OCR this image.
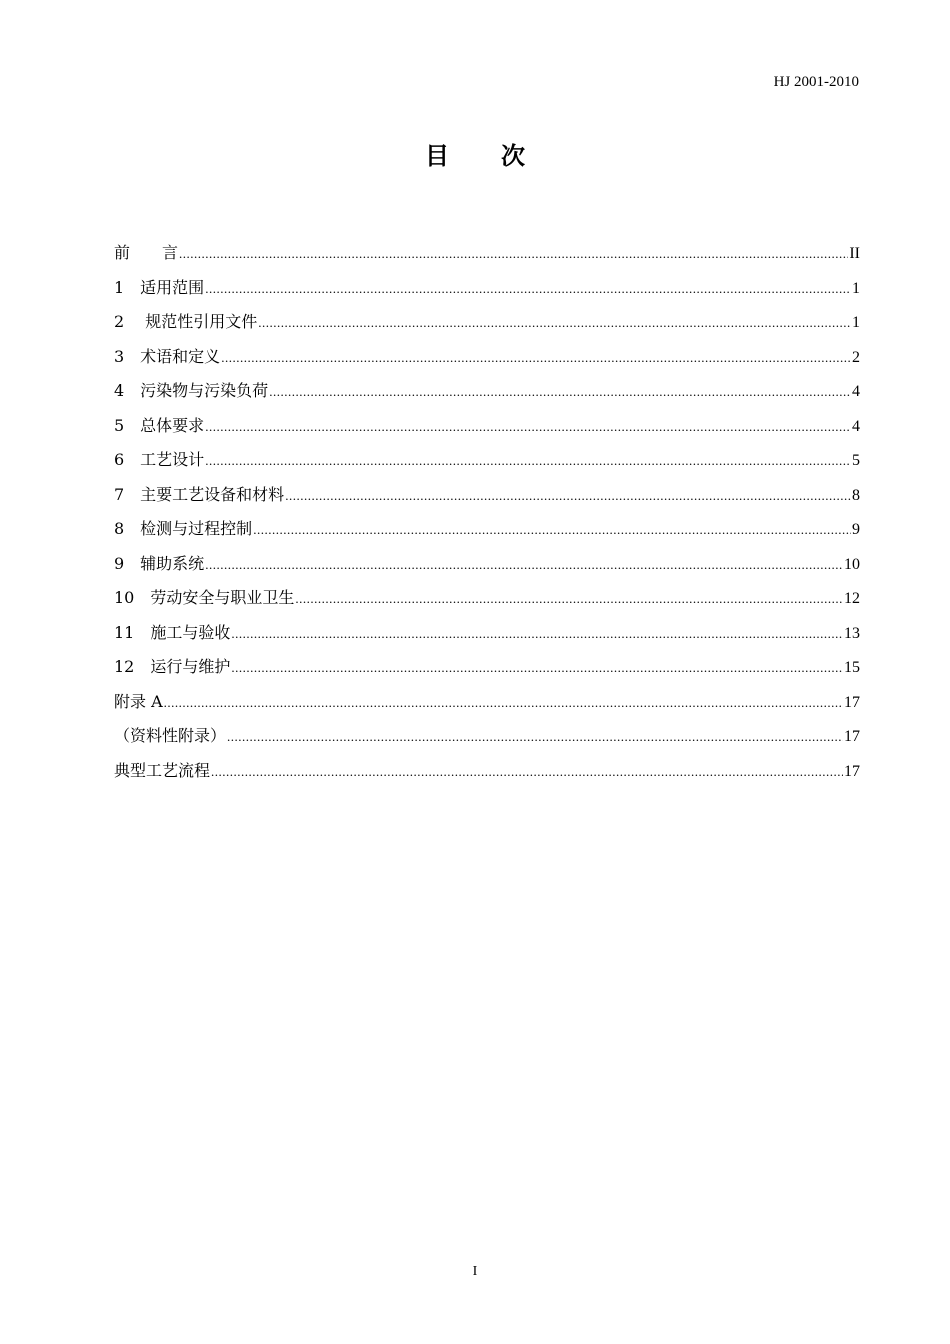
HJ 2001-2010
目 次
前　　言 .....	II
1　适用范围 .....	1
2　 规范性引用文件 .....	1
3　术语和定义 .....	2
4　污染物与污染负荷 .....	4
5　总体要求 .....	4
6　工艺设计 .....	5
7　主要工艺设备和材料 .....	8
8　检测与过程控制 .....	9
9　辅助系统 .....	10
10　劳动安全与职业卫生 .....	12
11　施工与验收 .....	13
12　运行与维护 .....	15
附录 A .....	17
（资料性附录） .....	17
典型工艺流程 .....	17
I
